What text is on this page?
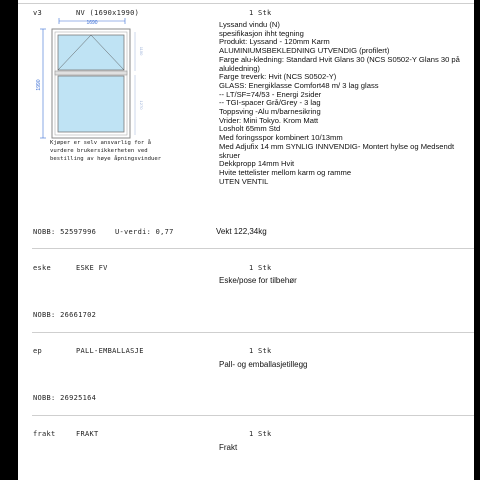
v3	NV (1690x1990)	1 Stk
1690
1990
1150
1270
Kjøper er selv ansvarlig for å
vurdere brukersikkerheten ved
bestilling av høye åpningsvinduer
Lyssand vindu (N)
spesifikasjon ihht tegning
Produkt: Lyssand - 120mm Karm
ALUMINIUMSBEKLEDNING UTVENDIG (profilert)
Farge alu-kledning: Standard Hvit Glans 30 (NCS S0502-Y Glans 30 på
alukledning)
Farge treverk: Hvit (NCS S0502-Y)
GLASS: Energiklasse Comfort48 m/ 3 lag glass
-- LT/SF=74/53 - Energi 2sider
-- TGI-spacer Grå/Grey - 3 lag
Toppsving -Alu m/barnesikring
Vrider: Mini Tokyo. Krom Matt
Losholt 65mm Std
Med foringsspor kombinert 10/13mm
Med Adjufix 14 mm SYNLIG INNVENDIG- Montert hylse og Medsendt
skruer
Dekkpropp 14mm Hvit
Hvite tettelister mellom karm og ramme
UTEN VENTIL
NOBB: 52597996	U-verdi: 0,77	Vekt 122,34kg
eske	ESKE FV	1 Stk
Eske/pose for tilbehør
NOBB: 26661702
ep	PALL-EMBALLASJE	1 Stk
Pall- og emballasjetillegg
NOBB: 26925164
frakt	FRAKT	1 Stk
Frakt
